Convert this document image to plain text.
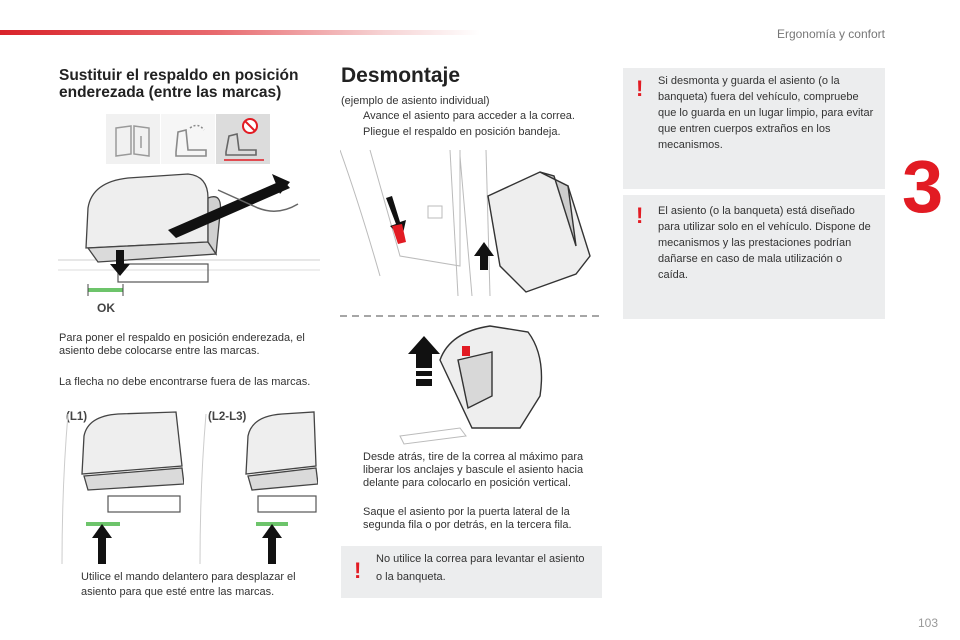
Ergonomía y confort
3
Sustituir el respaldo en posición enderezada (entre las marcas)
OK
Para poner el respaldo en posición enderezada, el asiento debe colocarse entre las marcas.
La flecha no debe encontrarse fuera de las marcas.
(L1)	(L2-L3)
Utilice el mando delantero para desplazar el asiento para que esté entre las marcas.
Desmontaje
(ejemplo de asiento individual)
Avance el asiento para acceder a la correa.
Pliegue el respaldo en posición bandeja.
Desde atrás, tire de la correa al máximo para liberar los anclajes y bascule el asiento hacia delante para colocarlo en posición vertical.
Saque el asiento por la puerta lateral de la segunda fila o por detrás, en la tercera fila.
! No utilice la correa para levantar el asiento o la banqueta.
! Si desmonta y guarda el asiento (o la banqueta) fuera del vehículo, compruebe que lo guarda en un lugar limpio, para evitar que entren cuerpos extraños en los mecanismos.
! El asiento (o la banqueta) está diseñado para utilizar solo en el vehículo. Dispone de mecanismos y las prestaciones podrían dañarse en caso de mala utilización o caída.
103
